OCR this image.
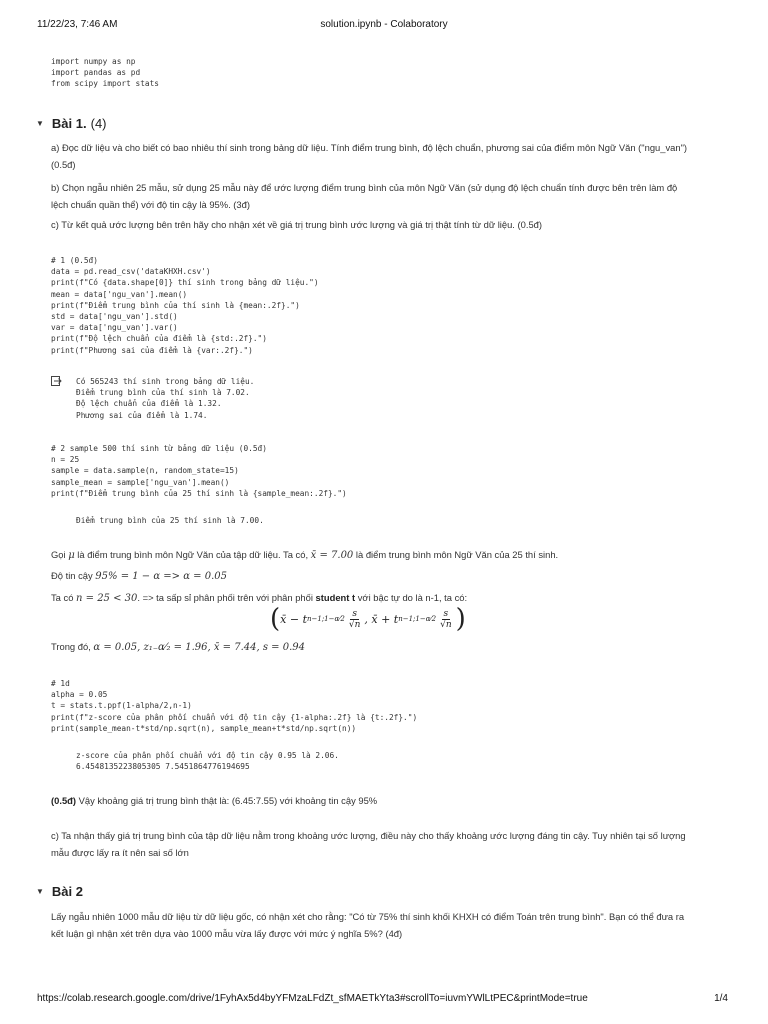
11/22/23, 7:46 AM	solution.ipynb - Colaboratory
import numpy as np
import pandas as pd
from scipy import stats
▼ Bài 1. (4)

a) Đọc dữ liệu và cho biết có bao nhiêu thí sinh trong bảng dữ liệu. Tính điểm trung bình, độ lệch chuẩn, phương sai của điểm môn Ngữ Văn ("ngu_van") (0.5đ)

b) Chọn ngẫu nhiên 25 mẫu, sử dụng 25 mẫu này để ước lượng điểm trung bình của môn Ngữ Văn (sử dụng độ lệch chuẩn tính được bên trên làm độ lệch chuẩn quần thể) với độ tin cậy là 95%. (3đ)

c) Từ kết quả ước lượng bên trên hãy cho nhận xét về giá trị trung bình ước lượng và giá trị thật tính từ dữ liệu. (0.5đ)

# 1 (0.5đ)
data = pd.read_csv('dataKHXH.csv')
print(f"Có {data.shape[0]} thí sinh trong bảng dữ liệu.")
mean = data['ngu_van'].mean()
print(f"Điểm trung bình của thí sinh là {mean:.2f}.")
std = data['ngu_van'].std()
var = data['ngu_van'].var()
print(f"Độ lệch chuẩn của điểm là {std:.2f}.")
print(f"Phương sai của điểm là {var:.2f}.")
Có 565243 thí sinh trong bảng dữ liệu.
Điểm trung bình của thí sinh là 7.02.
Độ lệch chuẩn của điểm là 1.32.
Phương sai của điểm là 1.74.
# 2 sample 500 thí sinh từ bảng dữ liệu (0.5đ)
n = 25
sample = data.sample(n, random_state=15)
sample_mean = sample['ngu_van'].mean()
print(f"Điểm trung bình của 25 thí sinh là {sample_mean:.2f}.")
Điểm trung bình của 25 thí sinh là 7.00.

Gọi μ là điểm trung bình môn Ngữ Văn của tập dữ liệu. Ta có, x̄ = 7.00 là điểm trung bình môn Ngữ Văn của 25 thí sinh.

Độ tin cậy 95% = 1 − α => α = 0.05

Ta có n = 25 < 30. => ta sấp sỉ phân phối trên với phân phối student t với bậc tự do là n-1, ta có:

( x̄ − t n−1;1−α⁄2 $\frac{s}{√n}$ , x̄ + t n−1;1−α⁄2 $\frac{s}{√n}$ )

Trong đó, α = 0.05, z₁₋α⁄₂ = 1.96, x̄ = 7.44, s = 0.94

# 1d
alpha = 0.05
t = stats.t.ppf(1-alpha/2,n-1)
print(f"z-score của phân phối chuẩn với độ tin cậy {1-alpha:.2f} là {t:.2f}.")
print(sample_mean-t*std/np.sqrt(n), sample_mean+t*std/np.sqrt(n))
z-score của phân phối chuẩn với độ tin cậy 0.95 là 2.06.
6.4548135223805305 7.5451864776194695

(0.5đ) Vậy khoảng giá trị trung bình thật là: (6.45:7.55) với khoảng tin cậy 95%

c) Ta nhận thấy giá trị trung bình của tập dữ liệu nằm trong khoảng ước lượng, điều này cho thấy khoảng ước lượng đáng tin cậy. Tuy nhiên tại số lượng mẫu được lấy ra ít nên sai số lớn

▼ Bài 2

Lấy ngẫu nhiên 1000 mẫu dữ liệu từ dữ liệu gốc, có nhận xét cho rằng: "Có từ 75% thí sinh khối KHXH có điểm Toán trên trung bình". Bạn có thể đưa ra kết luận gì nhận xét trên dựa vào 1000 mẫu vừa lấy được với mức ý nghĩa 5%? (4đ)

https://colab.research.google.com/drive/1FyhAx5d4byYFMzaLFdZt_sfMAETkYta3#scrollTo=iuvmYWlLtPEC&printMode=true	1/4
